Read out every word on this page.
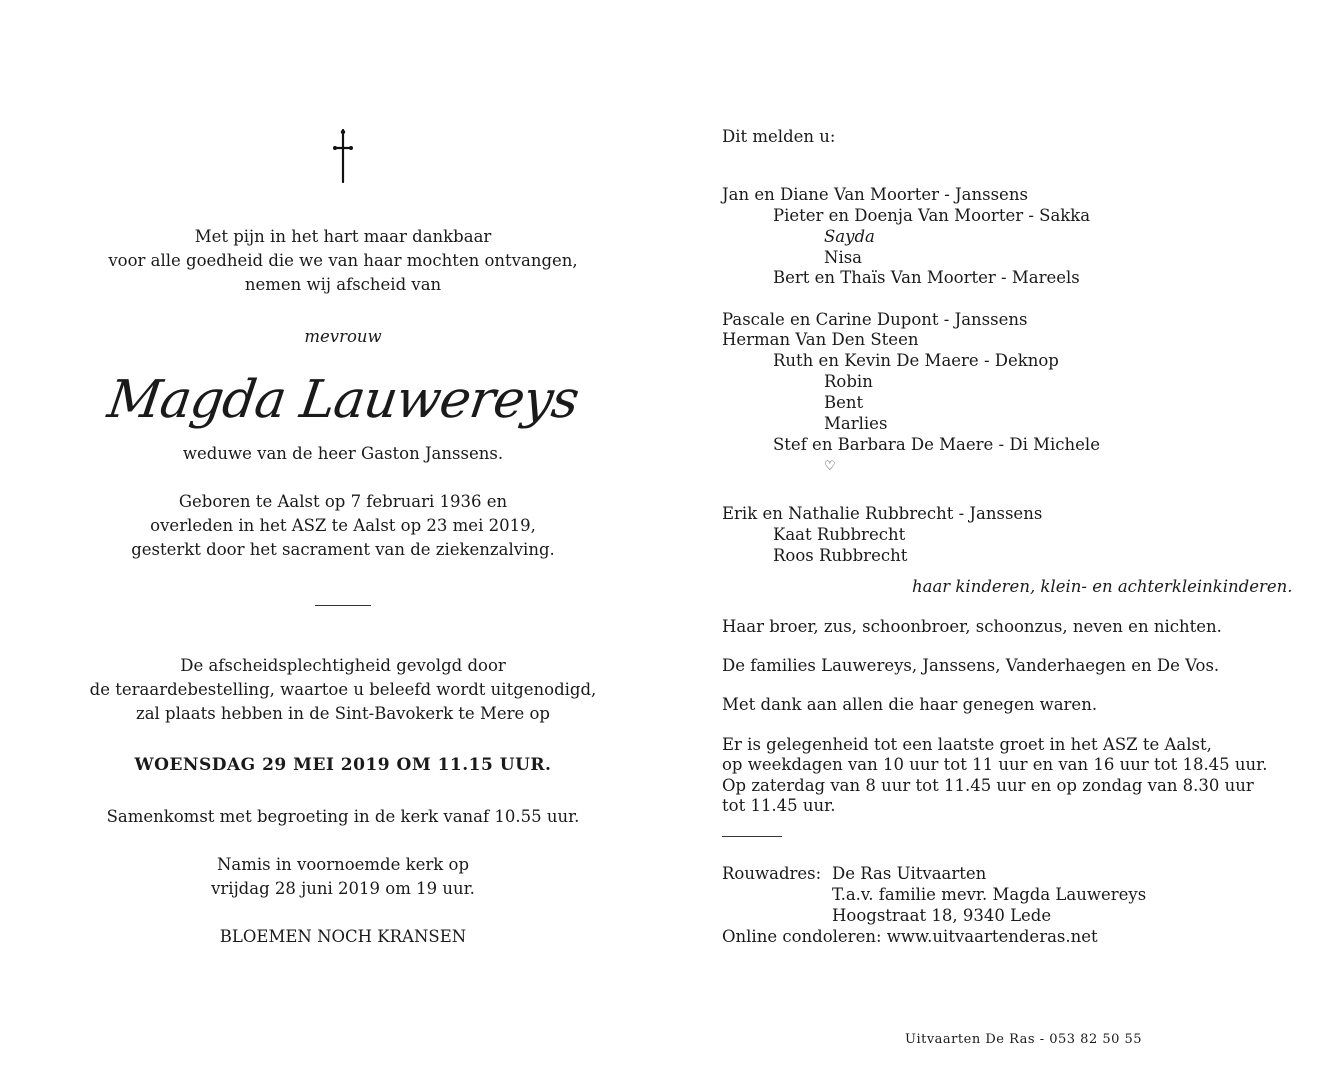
Met pijn in het hart maar dankbaar
voor alle goedheid die we van haar mochten ontvangen,
nemen wij afscheid van
mevrouw
Magda Lauwereys
weduwe van de heer Gaston Janssens.
Geboren te Aalst op 7 februari 1936 en
overleden in het ASZ te Aalst op 23 mei 2019,
gesterkt door het sacrament van de ziekenzalving.
De afscheidsplechtigheid gevolgd door
de teraardebestelling, waartoe u beleefd wordt uitgenodigd,
zal plaats hebben in de Sint-Bavokerk te Mere op
WOENSDAG 29 MEI 2019 OM 11.15 UUR.
Samenkomst met begroeting in de kerk vanaf 10.55 uur.
Namis in voornoemde kerk op
vrijdag 28 juni 2019 om 19 uur.
BLOEMEN NOCH KRANSEN
Dit melden u:
Jan en Diane Van Moorter - Janssens
Pieter en Doenja Van Moorter - Sakka
Sayda
Nisa
Bert en Thaïs Van Moorter - Mareels
Pascale en Carine Dupont - Janssens
Herman Van Den Steen
Ruth en Kevin De Maere - Deknop
Robin
Bent
Marlies
Stef en Barbara De Maere - Di Michele
♡
Erik en Nathalie Rubbrecht - Janssens
Kaat Rubbrecht
Roos Rubbrecht
haar kinderen, klein- en achterkleinkinderen.
Haar broer, zus, schoonbroer, schoonzus, neven en nichten.
De families Lauwereys, Janssens, Vanderhaegen en De Vos.
Met dank aan allen die haar genegen waren.
Er is gelegenheid tot een laatste groet in het ASZ te Aalst,
op weekdagen van 10 uur tot 11 uur en van 16 uur tot 18.45 uur.
Op zaterdag van 8 uur tot 11.45 uur en op zondag van 8.30 uur
tot 11.45 uur.
Rouwadres: De Ras Uitvaarten
T.a.v. familie mevr. Magda Lauwereys
Hoogstraat 18, 9340 Lede
Online condoleren: www.uitvaartenderas.net
Uitvaarten De Ras - 053 82 50 55
